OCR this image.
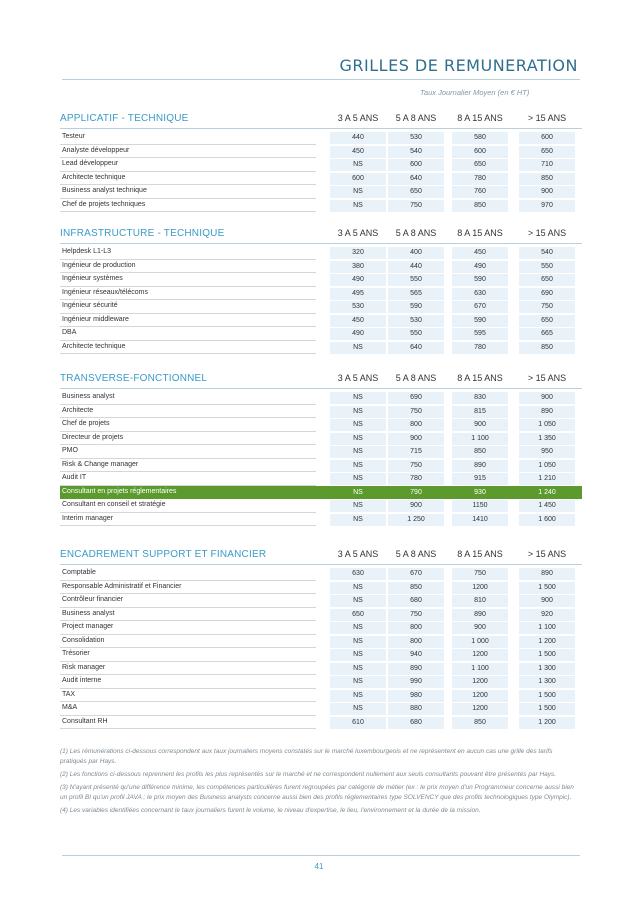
GRILLES DE REMUNERATION
Taux Journalier Moyen (en € HT)
APPLICATIF - TECHNIQUE	3 A 5 ANS	5 A 8 ANS	8 A 15 ANS	> 15 ANS
Testeur	440	530	580	600
Analyste développeur	450	540	600	650
Lead développeur	NS	600	650	710
Architecte technique	600	640	780	850
Business analyst technique	NS	650	760	900
Chef de projets techniques	NS	750	850	970
INFRASTRUCTURE - TECHNIQUE	3 A 5 ANS	5 A 8 ANS	8 A 15 ANS	> 15 ANS
Helpdesk L1-L3	320	400	450	540
Ingénieur de production	380	440	490	550
Ingénieur systèmes	490	550	590	650
Ingénieur réseaux/télécoms	495	565	630	690
Ingénieur sécurité	530	590	670	750
Ingénieur middleware	450	530	590	650
DBA	490	550	595	665
Architecte technique	NS	640	780	850
TRANSVERSE-FONCTIONNEL	3 A 5 ANS	5 A 8 ANS	8 A 15 ANS	> 15 ANS
Business analyst	NS	690	830	900
Architecte	NS	750	815	890
Chef de projets	NS	800	900	1 050
Directeur de projets	NS	900	1 100	1 350
PMO	NS	715	850	950
Risk & Change manager	NS	750	890	1 050
Audit IT	NS	780	915	1 210
Consultant en projets réglementaires	NS	790	930	1 240
Consultant en conseil et stratégie	NS	900	1150	1 450
Interim manager	NS	1 250	1410	1 600
ENCADREMENT SUPPORT ET FINANCIER	3 A 5 ANS	5 A 8 ANS	8 A 15 ANS	> 15 ANS
Comptable	630	670	750	890
Responsable Administratif et Financier	NS	850	1200	1 500
Contrôleur financier	NS	680	810	900
Business analyst	650	750	890	920
Project manager	NS	800	900	1 100
Consolidation	NS	800	1 000	1 200
Trésorier	NS	940	1200	1 500
Risk manager	NS	890	1 100	1 300
Audit interne	NS	990	1200	1 300
TAX	NS	980	1200	1 500
M&A	NS	880	1200	1 500
Consultant RH	610	680	850	1 200

(1) Les rémunérations ci-dessous correspondent aux taux journaliers moyens constatés sur le marché luxembourgeois et ne représentent en aucun cas une grille des tarifs pratiqués par Hays.

(2) Les fonctions ci-dessous reprennent les profils les plus représentés sur le marché et ne correspondent nullement aux seuls consultants pouvant être présentés par Hays.

(3) N'ayant présenté qu'une différence minime, les compétences particulières furent regroupées par catégorie de métier (ex : le prix moyen d'un Programmeur concerne aussi bien un profil BI qu'un profil JAVA ; le prix moyen des Business analysts concerne aussi bien des profils réglementaires type SOLVENCY que des profils technologiques type Olympic).

(4) Les variables identifiées concernant le taux journaliers furent le volume, le niveau d'expertise, le lieu, l'environnement et la durée de la mission.

41
